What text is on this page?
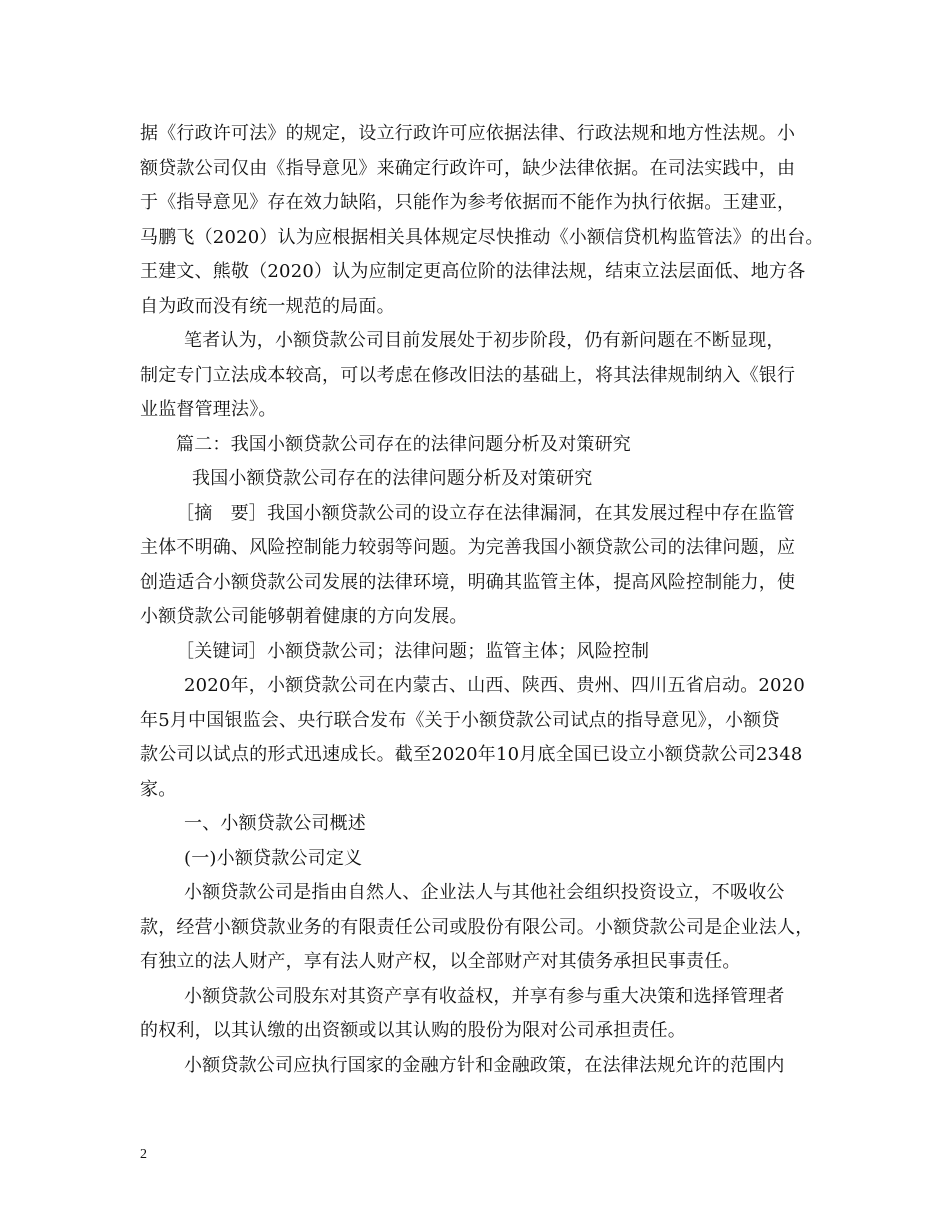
据《行政许可法》的规定，设立行政许可应依据法律、行政法规和地方性法规。小
额贷款公司仅由《指导意见》来确定行政许可，缺少法律依据。在司法实践中，由
于《指导意见》存在效力缺陷，只能作为参考依据而不能作为执行依据。王建亚，
马鹏飞（2020）认为应根据相关具体规定尽快推动《小额信贷机构监管法》的出台。
王建文、熊敬（2020）认为应制定更高位阶的法律法规，结束立法层面低、地方各
自为政而没有统一规范的局面。
笔者认为，小额贷款公司目前发展处于初步阶段，仍有新问题在不断显现，
制定专门立法成本较高，可以考虑在修改旧法的基础上，将其法律规制纳入《银行
业监督管理法》。
篇二：我国小额贷款公司存在的法律问题分析及对策研究
我国小额贷款公司存在的法律问题分析及对策研究
［摘　要］我国小额贷款公司的设立存在法律漏洞，在其发展过程中存在监管
主体不明确、风险控制能力较弱等问题。为完善我国小额贷款公司的法律问题，应
创造适合小额贷款公司发展的法律环境，明确其监管主体，提高风险控制能力，使
小额贷款公司能够朝着健康的方向发展。
［关键词］小额贷款公司；法律问题；监管主体；风险控制
2020年，小额贷款公司在内蒙古、山西、陕西、贵州、四川五省启动。2020
年5月中国银监会、央行联合发布《关于小额贷款公司试点的指导意见》，小额贷
款公司以试点的形式迅速成长。截至2020年10月底全国已设立小额贷款公司2348
家。
一、小额贷款公司概述
(一)小额贷款公司定义
小额贷款公司是指由自然人、企业法人与其他社会组织投资设立，不吸收公
款，经营小额贷款业务的有限责任公司或股份有限公司。小额贷款公司是企业法人，
有独立的法人财产，享有法人财产权，以全部财产对其债务承担民事责任。
小额贷款公司股东对其资产享有收益权，并享有参与重大决策和选择管理者
的权利，以其认缴的出资额或以其认购的股份为限对公司承担责任。
小额贷款公司应执行国家的金融方针和金融政策，在法律法规允许的范围内
2
